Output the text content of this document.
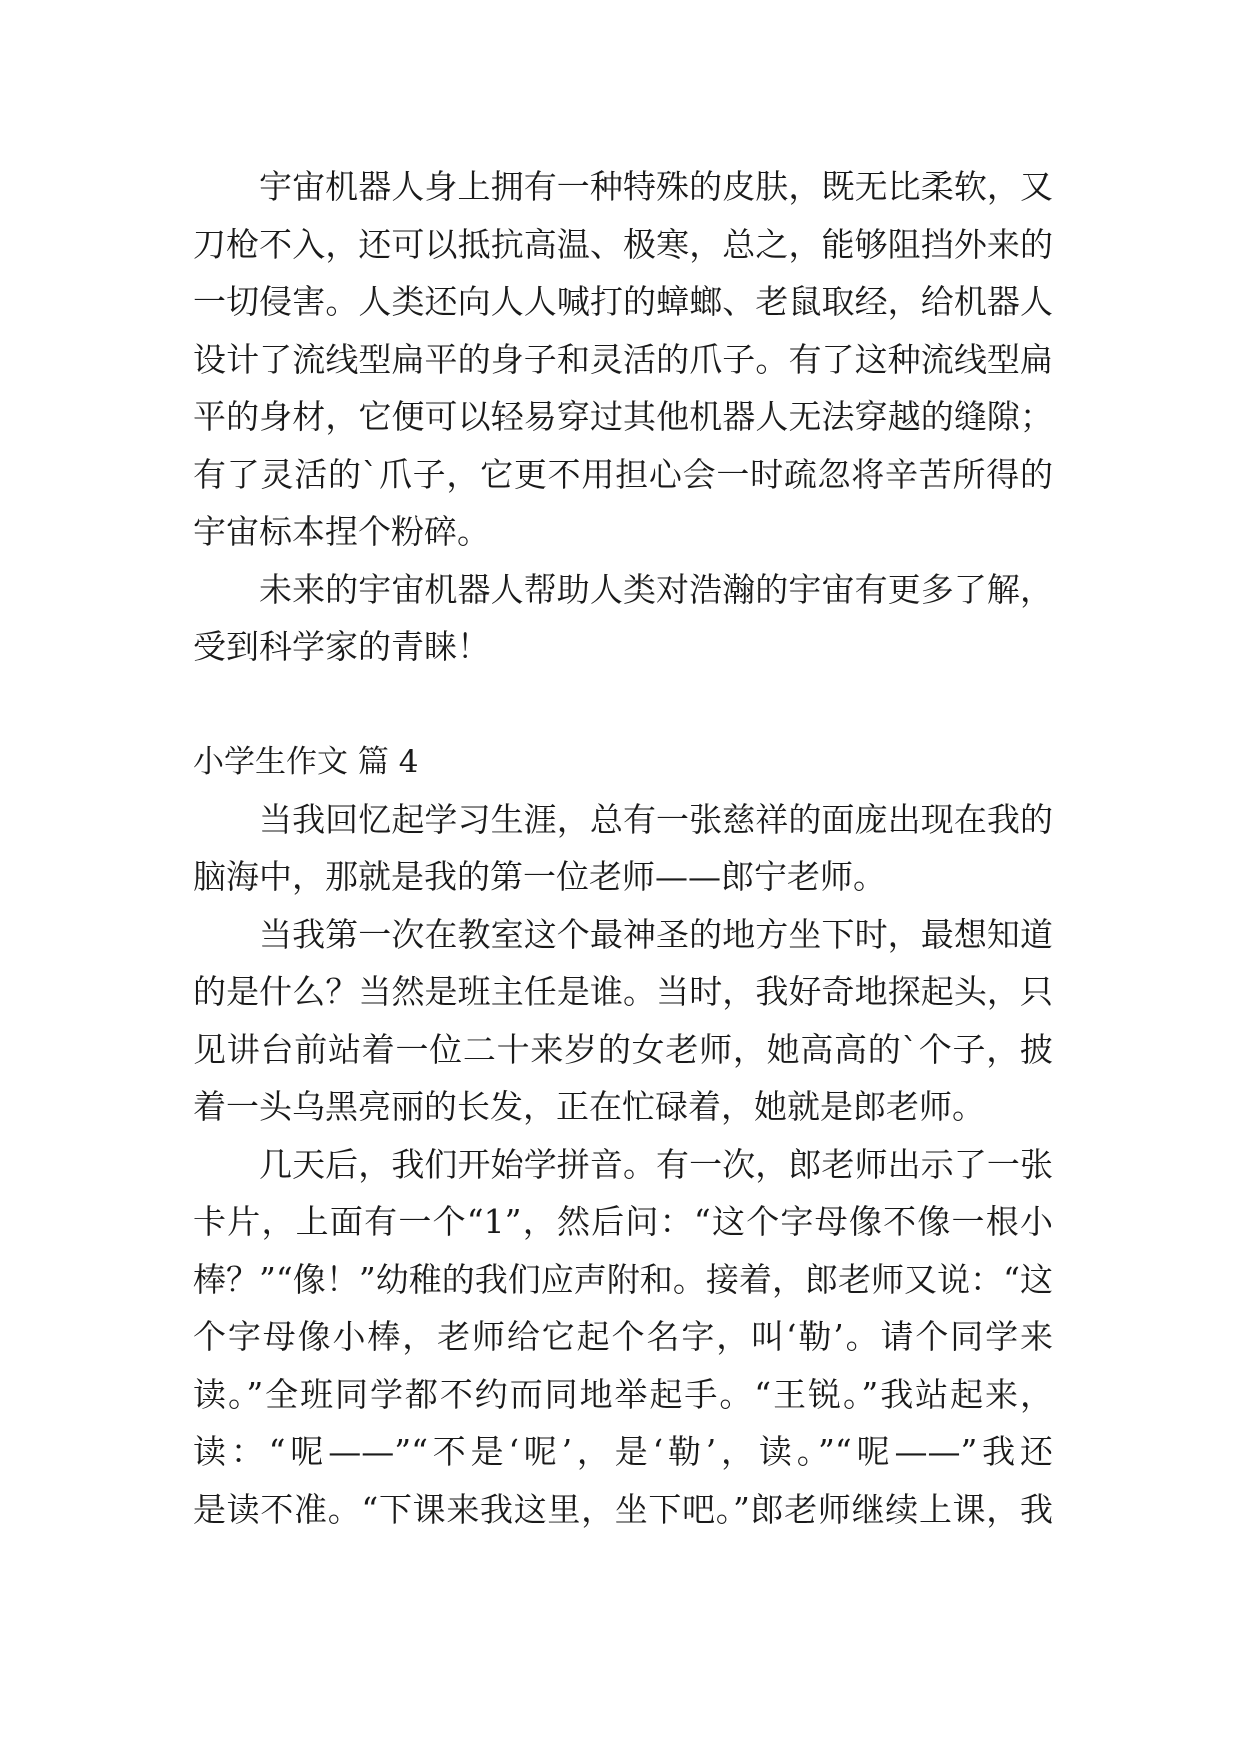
宇宙机器人身上拥有一种特殊的皮肤，既无比柔软，又
刀枪不入，还可以抵抗高温、极寒，总之，能够阻挡外来的
一切侵害。人类还向人人喊打的蟑螂、老鼠取经，给机器人
设计了流线型扁平的身子和灵活的爪子。有了这种流线型扁
平的身材，它便可以轻易穿过其他机器人无法穿越的缝隙；
有了灵活的`爪子，它更不用担心会一时疏忽将辛苦所得的
宇宙标本捏个粉碎。
未来的宇宙机器人帮助人类对浩瀚的宇宙有更多了解，
受到科学家的青睐！
小学生作文 篇 4
当我回忆起学习生涯，总有一张慈祥的面庞出现在我的
脑海中，那就是我的第一位老师——郎宁老师。
当我第一次在教室这个最神圣的地方坐下时，最想知道
的是什么？当然是班主任是谁。当时，我好奇地探起头，只
见讲台前站着一位二十来岁的女老师，她高高的`个子，披
着一头乌黑亮丽的长发，正在忙碌着，她就是郎老师。
几天后，我们开始学拼音。有一次，郎老师出示了一张
卡片，上面有一个“1”，然后问：“这个字母像不像一根小
棒？”“像！”幼稚的我们应声附和。接着，郎老师又说：“这
个字母像小棒，老师给它起个名字，叫‘勒’。请个同学来
读。”全班同学都不约而同地举起手。“王锐。”我站起来，
读：“呢——”“不是‘呢’，是‘勒’，读。”“呢——”我还
是读不准。“下课来我这里，坐下吧。”郎老师继续上课，我
